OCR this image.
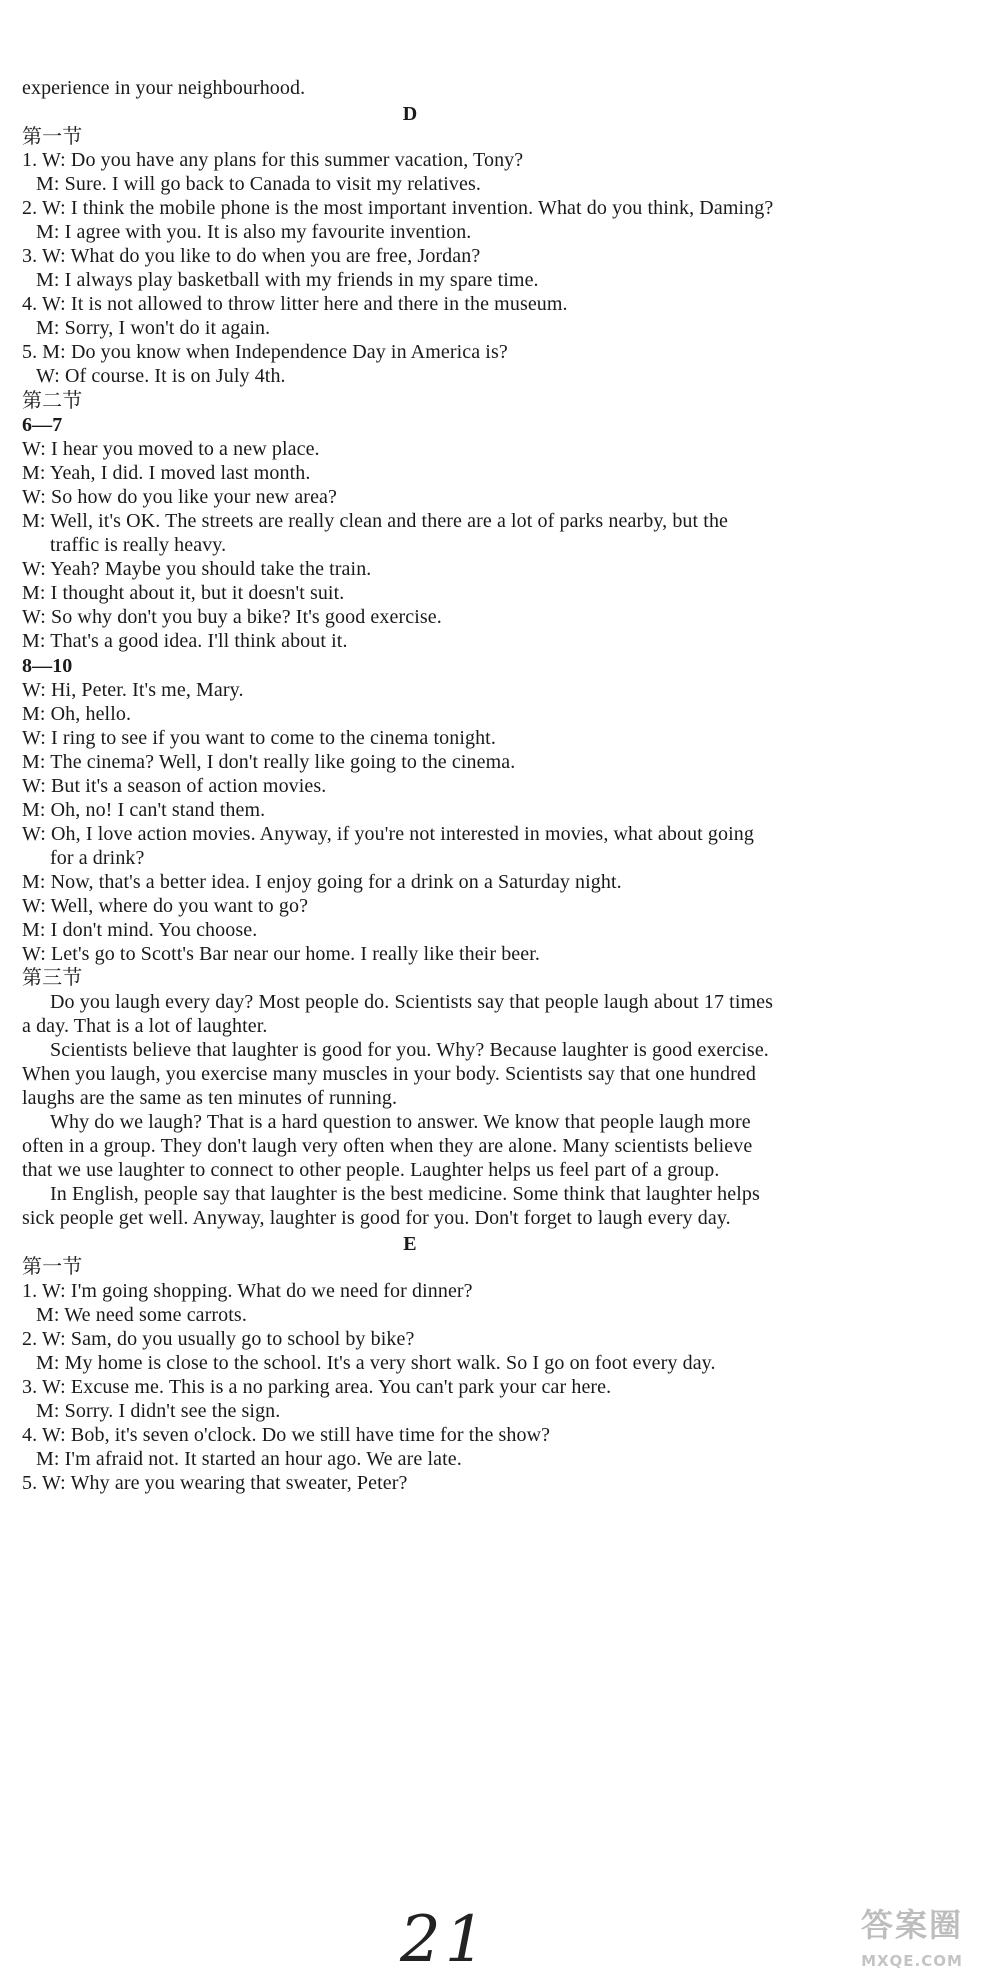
experience in your neighbourhood.
D
第一节
1. W: Do you have any plans for this summer vacation, Tony?
M: Sure. I will go back to Canada to visit my relatives.
2. W: I think the mobile phone is the most important invention. What do you think, Daming?
M: I agree with you. It is also my favourite invention.
3. W: What do you like to do when you are free, Jordan?
M: I always play basketball with my friends in my spare time.
4. W: It is not allowed to throw litter here and there in the museum.
M: Sorry, I won't do it again.
5. M: Do you know when Independence Day in America is?
W: Of course. It is on July 4th.
第二节
6—7
W: I hear you moved to a new place.
M: Yeah, I did. I moved last month.
W: So how do you like your new area?
M: Well, it's OK. The streets are really clean and there are a lot of parks nearby, but the
traffic is really heavy.
W: Yeah? Maybe you should take the train.
M: I thought about it, but it doesn't suit.
W: So why don't you buy a bike? It's good exercise.
M: That's a good idea. I'll think about it.
8—10
W: Hi, Peter. It's me, Mary.
M: Oh, hello.
W: I ring to see if you want to come to the cinema tonight.
M: The cinema? Well, I don't really like going to the cinema.
W: But it's a season of action movies.
M: Oh, no! I can't stand them.
W: Oh, I love action movies. Anyway, if you're not interested in movies, what about going
for a drink?
M: Now, that's a better idea. I enjoy going for a drink on a Saturday night.
W: Well, where do you want to go?
M: I don't mind. You choose.
W: Let's go to Scott's Bar near our home. I really like their beer.
第三节
Do you laugh every day? Most people do. Scientists say that people laugh about 17 times
a day. That is a lot of laughter.
Scientists believe that laughter is good for you. Why? Because laughter is good exercise.
When you laugh, you exercise many muscles in your body. Scientists say that one hundred
laughs are the same as ten minutes of running.
Why do we laugh? That is a hard question to answer. We know that people laugh more
often in a group. They don't laugh very often when they are alone. Many scientists believe
that we use laughter to connect to other people. Laughter helps us feel part of a group.
In English, people say that laughter is the best medicine. Some think that laughter helps
sick people get well. Anyway, laughter is good for you. Don't forget to laugh every day.
E
第一节
1. W: I'm going shopping. What do we need for dinner?
M: We need some carrots.
2. W: Sam, do you usually go to school by bike?
M: My home is close to the school. It's a very short walk. So I go on foot every day.
3. W: Excuse me. This is a no parking area. You can't park your car here.
M: Sorry. I didn't see the sign.
4. W: Bob, it's seven o'clock. Do we still have time for the show?
M: I'm afraid not. It started an hour ago. We are late.
5. W: Why are you wearing that sweater, Peter?
21	答案圈
MXQE.COM
